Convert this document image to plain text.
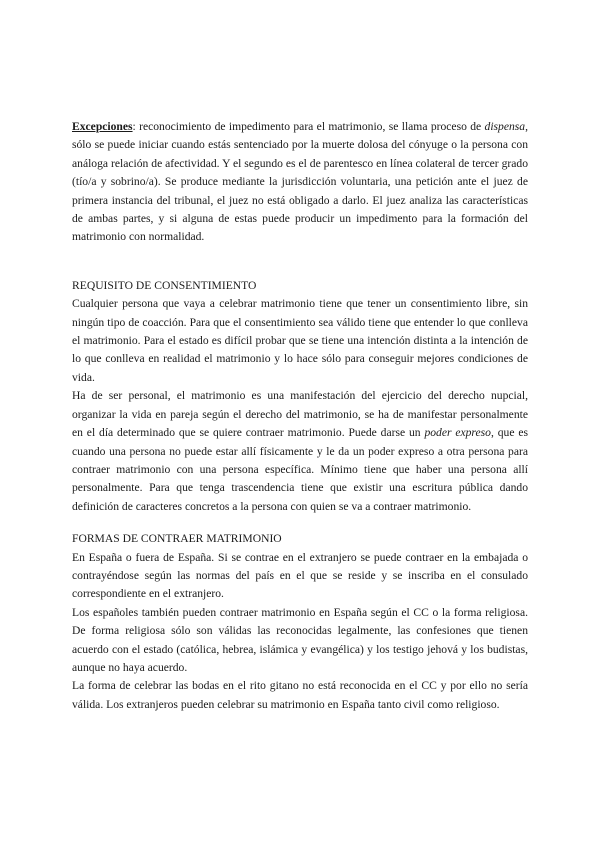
Excepciones: reconocimiento de impedimento para el matrimonio, se llama proceso de dispensa, sólo se puede iniciar cuando estás sentenciado por la muerte dolosa del cónyuge o la persona con análoga relación de afectividad. Y el segundo es el de parentesco en línea colateral de tercer grado (tío/a y sobrino/a). Se produce mediante la jurisdicción voluntaria, una petición ante el juez de primera instancia del tribunal, el juez no está obligado a darlo. El juez analiza las características de ambas partes, y si alguna de estas puede producir un impedimento para la formación del matrimonio con normalidad.

REQUISITO DE CONSENTIMIENTO

Cualquier persona que vaya a celebrar matrimonio tiene que tener un consentimiento libre, sin ningún tipo de coacción. Para que el consentimiento sea válido tiene que entender lo que conlleva el matrimonio. Para el estado es difícil probar que se tiene una intención distinta a la intención de lo que conlleva en realidad el matrimonio y lo hace sólo para conseguir mejores condiciones de vida.

Ha de ser personal, el matrimonio es una manifestación del ejercicio del derecho nupcial, organizar la vida en pareja según el derecho del matrimonio, se ha de manifestar personalmente en el día determinado que se quiere contraer matrimonio. Puede darse un poder expreso, que es cuando una persona no puede estar allí físicamente y le da un poder expreso a otra persona para contraer matrimonio con una persona específica. Mínimo tiene que haber una persona allí personalmente. Para que tenga trascendencia tiene que existir una escritura pública dando definición de caracteres concretos a la persona con quien se va a contraer matrimonio.

FORMAS DE CONTRAER MATRIMONIO

En España o fuera de España. Si se contrae en el extranjero se puede contraer en la embajada o contrayéndose según las normas del país en el que se reside y se inscriba en el consulado correspondiente en el extranjero.

Los españoles también pueden contraer matrimonio en España según el CC o la forma religiosa. De forma religiosa sólo son válidas las reconocidas legalmente, las confesiones que tienen acuerdo con el estado (católica, hebrea, islámica y evangélica) y los testigo jehová y los budistas, aunque no haya acuerdo.

La forma de celebrar las bodas en el rito gitano no está reconocida en el CC y por ello no sería válida. Los extranjeros pueden celebrar su matrimonio en España tanto civil como religioso.
